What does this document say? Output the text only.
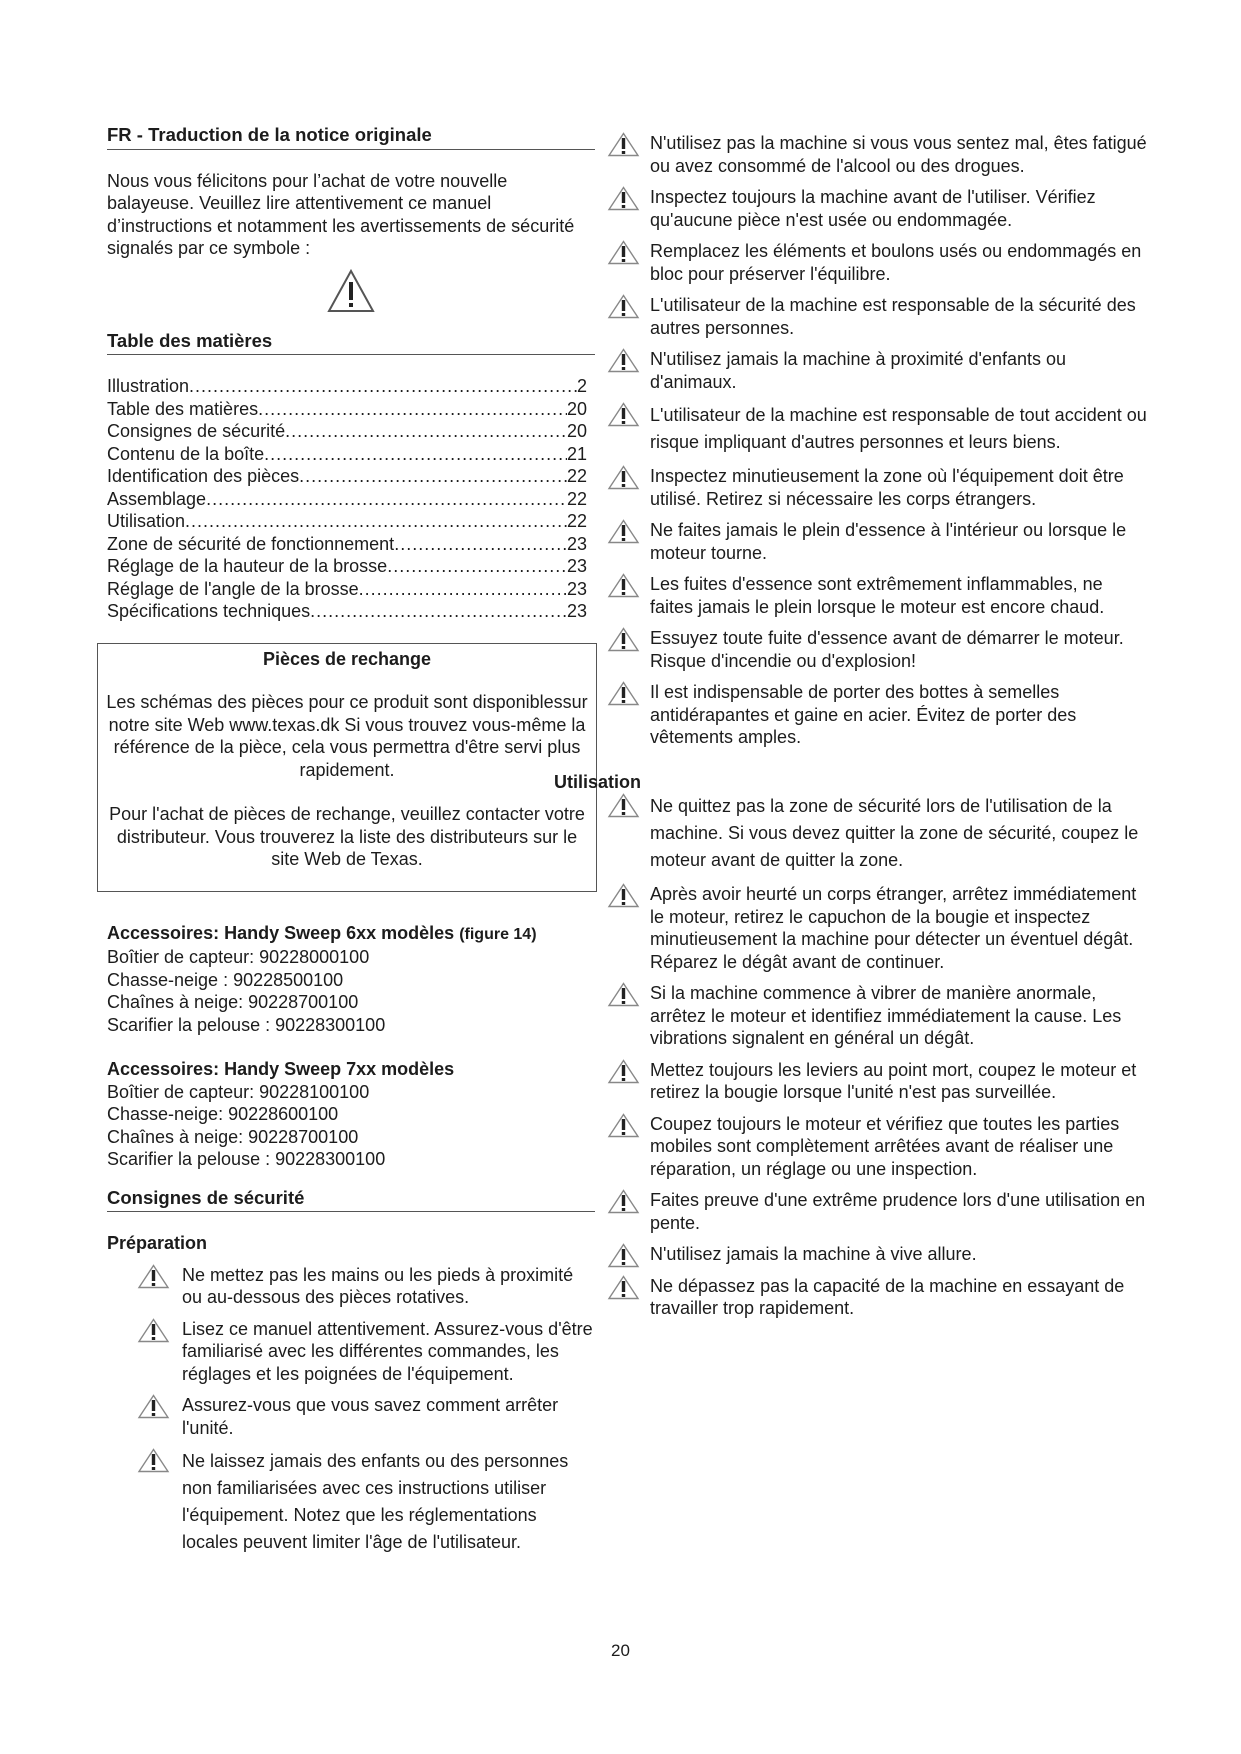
FR - Traduction de la notice originale
Nous vous félicitons pour l’achat de votre nouvelle balayeuse. Veuillez lire attentivement ce manuel d’instructions et notamment les avertissements de sécurité signalés par ce symbole :
Table des matières
Illustration .....	2
Table des matières .....	20
Consignes de sécurité .....	20
Contenu de la boîte .....	21
Identification des pièces .....	22
Assemblage .....	22
Utilisation .....	22
Zone de sécurité de fonctionnement .....	23
Réglage de la hauteur de la brosse .....	23
Réglage de l'angle de la brosse .....	23
Spécifications techniques .....	23
Pièces de rechange

Les schémas des pièces pour ce produit sont disponiblessur notre site Web www.texas.dk Si vous trouvez vous-même la référence de la pièce, cela vous permettra d'être servi plus rapidement.

Pour l'achat de pièces de rechange, veuillez contacter votre distributeur. Vous trouverez la liste des distributeurs sur le site Web de Texas.

Accessoires: Handy Sweep 6xx modèles (figure 14)
Boîtier de capteur: 90228000100
Chasse-neige : 90228500100
Chaînes à neige: 90228700100
Scarifier la pelouse : 90228300100
Accessoires: Handy Sweep 7xx modèles
Boîtier de capteur: 90228100100
Chasse-neige: 90228600100
Chaînes à neige: 90228700100
Scarifier la pelouse : 90228300100
Consignes de sécurité
Préparation
Ne mettez pas les mains ou les pieds à proximité ou au-dessous des pièces rotatives.
Lisez ce manuel attentivement. Assurez-vous d'être familiarisé avec les différentes commandes, les réglages et les poignées de l'équipement.
Assurez-vous que vous savez comment arrêter l'unité.
Ne laissez jamais des enfants ou des personnes non familiarisées avec ces instructions utiliser l'équipement. Notez que les réglementations locales peuvent limiter l'âge de l'utilisateur.
N'utilisez pas la machine si vous vous sentez mal, êtes fatigué ou avez consommé de l'alcool ou des drogues.
Inspectez toujours la machine avant de l'utiliser. Vérifiez qu'aucune pièce n'est usée ou endommagée.
Remplacez les éléments et boulons usés ou endommagés en bloc pour préserver l'équilibre.
L'utilisateur de la machine est responsable de la sécurité des autres personnes.
N'utilisez jamais la machine à proximité d'enfants ou d'animaux.
L'utilisateur de la machine est responsable de tout accident ou risque impliquant d'autres personnes et leurs biens.
Inspectez minutieusement la zone où l'équipement doit être utilisé. Retirez si nécessaire les corps étrangers.
Ne faites jamais le plein d'essence à l'intérieur ou lorsque le moteur tourne.
Les fuites d'essence sont extrêmement inflammables, ne faites jamais le plein lorsque le moteur est encore chaud.
Essuyez toute fuite d'essence avant de démarrer le moteur. Risque d'incendie ou d'explosion!
Il est indispensable de porter des bottes à semelles antidérapantes et gaine en acier. Évitez de porter des vêtements amples.
Utilisation
Ne quittez pas la zone de sécurité lors de l'utilisation de la machine. Si vous devez quitter la zone de sécurité, coupez le moteur avant de quitter la zone.
Après avoir heurté un corps étranger, arrêtez immédiatement le moteur, retirez le capuchon de la bougie et inspectez minutieusement la machine pour détecter un éventuel dégât. Réparez le dégât avant de continuer.
Si la machine commence à vibrer de manière anormale, arrêtez le moteur et identifiez immédiatement la cause. Les vibrations signalent en général un dégât.
Mettez toujours les leviers au point mort, coupez le moteur et retirez la bougie lorsque l'unité n'est pas surveillée.
Coupez toujours le moteur et vérifiez que toutes les parties mobiles sont complètement arrêtées avant de réaliser une réparation, un réglage ou une inspection.
Faites preuve d'une extrême prudence lors d'une utilisation en pente.
N'utilisez jamais la machine à vive allure.
Ne dépassez pas la capacité de la machine en essayant de travailler trop rapidement.
20
